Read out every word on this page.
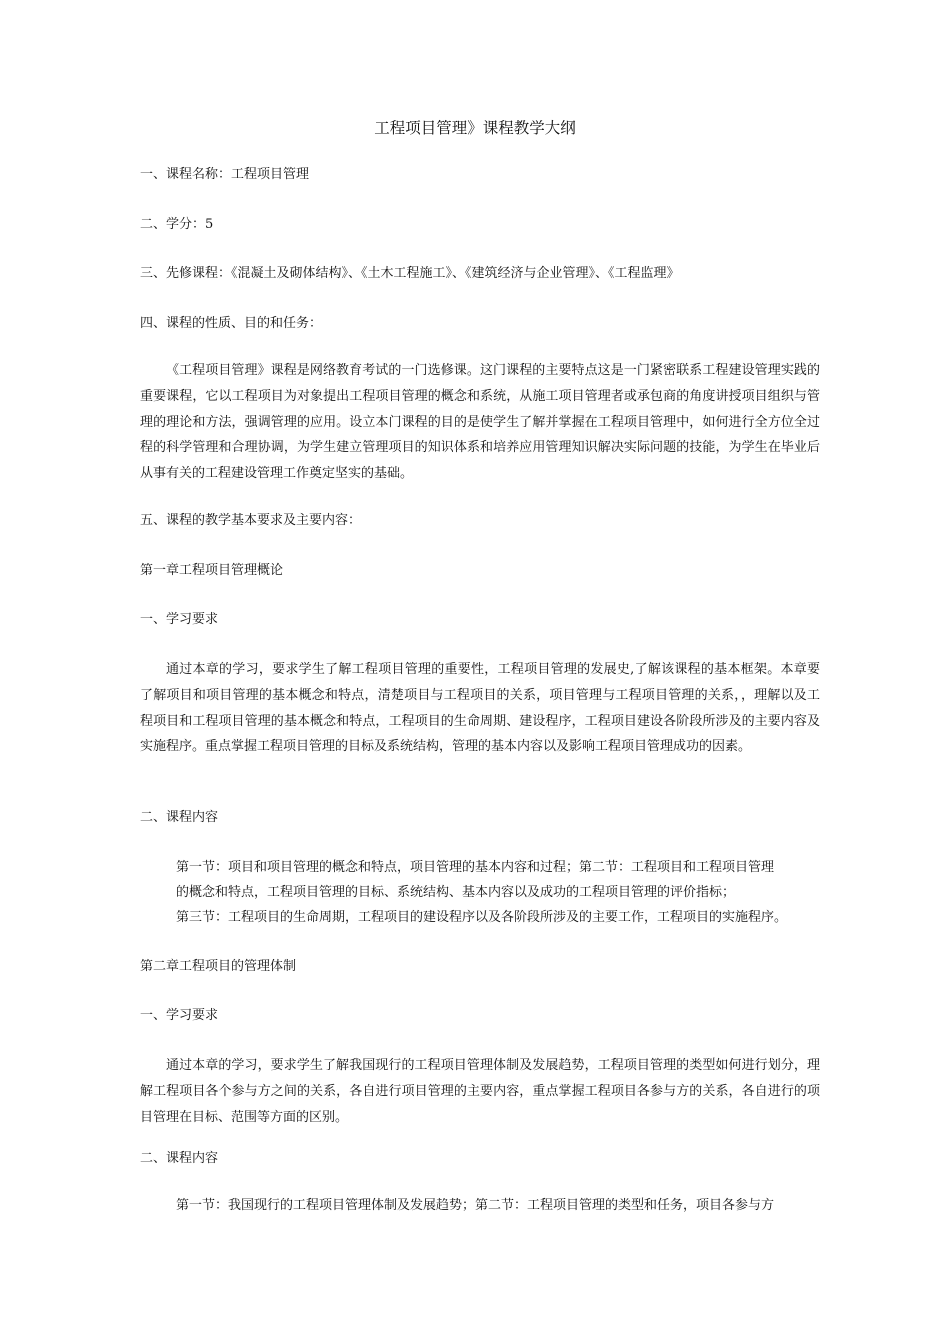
工程项目管理》课程教学大纲
一、课程名称：工程项目管理
二、学分：5
三、先修课程：《混凝土及砌体结构》、《土木工程施工》、《建筑经济与企业管理》、《工程监理》
四、课程的性质、目的和任务：

《工程项目管理》课程是网络教育考试的一门选修课。这门课程的主要特点这是一门紧密联系工程建设管理实践的重要课程，它以工程项目为对象提出工程项目管理的概念和系统，从施工项目管理者或承包商的角度讲授项目组织与管理的理论和方法，强调管理的应用。设立本门课程的目的是使学生了解并掌握在工程项目管理中，如何进行全方位全过程的科学管理和合理协调，为学生建立管理项目的知识体系和培养应用管理知识解决实际问题的技能，为学生在毕业后从事有关的工程建设管理工作奠定坚实的基础。

五、课程的教学基本要求及主要内容：
第一章工程项目管理概论
一、学习要求

通过本章的学习，要求学生了解工程项目管理的重要性，工程项目管理的发展史,了解该课程的基本框架。本章要了解项目和项目管理的基本概念和特点，清楚项目与工程项目的关系，项目管理与工程项目管理的关系，，理解以及工程项目和工程项目管理的基本概念和特点，工程项目的生命周期、建设程序，工程项目建设各阶段所涉及的主要内容及实施程序。重点掌握工程项目管理的目标及系统结构，管理的基本内容以及影响工程项目管理成功的因素。

二、课程内容
第一节：项目和项目管理的概念和特点，项目管理的基本内容和过程；第二节：工程项目和工程项目管理
的概念和特点，工程项目管理的目标、系统结构、基本内容以及成功的工程项目管理的评价指标；
第三节：工程项目的生命周期，工程项目的建设程序以及各阶段所涉及的主要工作，工程项目的实施程序。
第二章工程项目的管理体制
一、学习要求

通过本章的学习，要求学生了解我国现行的工程项目管理体制及发展趋势，工程项目管理的类型如何进行划分，理解工程项目各个参与方之间的关系，各自进行项目管理的主要内容，重点掌握工程项目各参与方的关系，各自进行的项目管理在目标、范围等方面的区别。

二、课程内容
第一节：我国现行的工程项目管理体制及发展趋势；第二节：工程项目管理的类型和任务，项目各参与方
